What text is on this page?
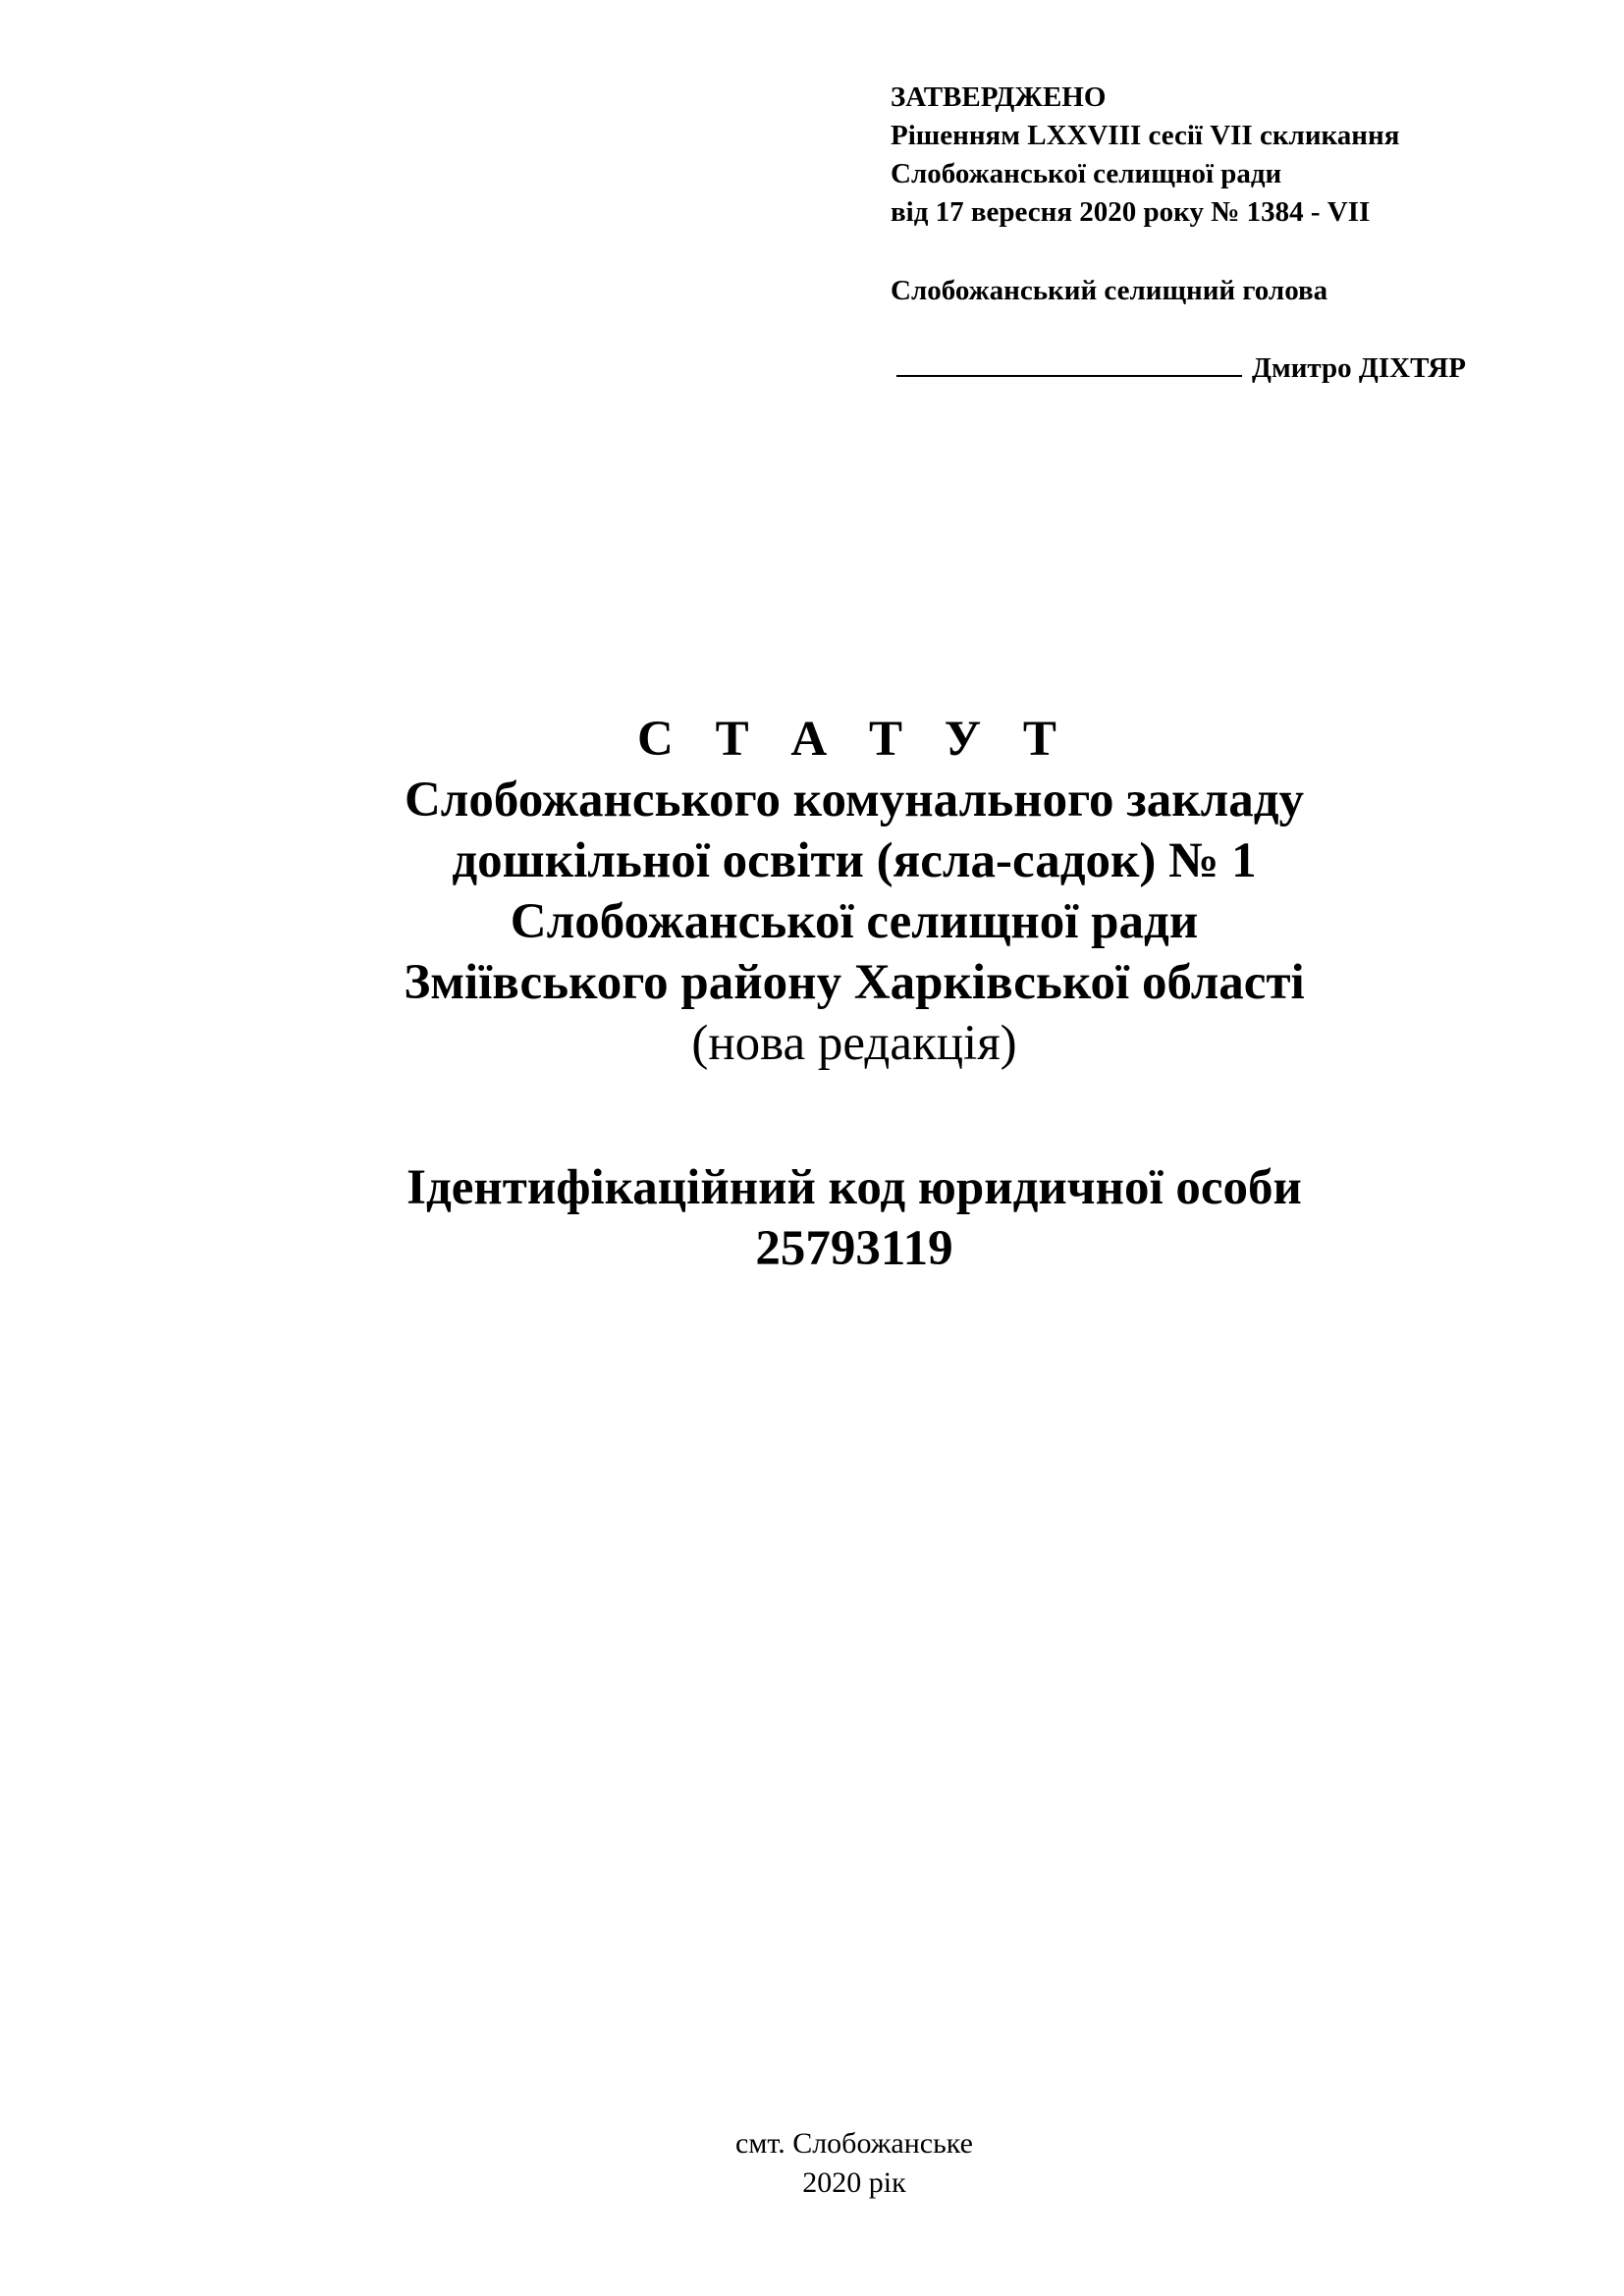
ЗАТВЕРДЖЕНО
Рішенням LXXVIII сесії VII скликання
Слобожанської селищної ради
від 17 вересня 2020 року № 1384 - VII
Слобожанський селищний голова
Дмитро ДІХТЯР
С Т А Т У Т
Слобожанського комунального закладу
дошкільної освіти (ясла-садок) № 1
Слобожанської селищної ради
Зміївського району Харківської області
(нова редакція)
Ідентифікаційний код юридичної особи
25793119
смт. Слобожанське
2020 рік
